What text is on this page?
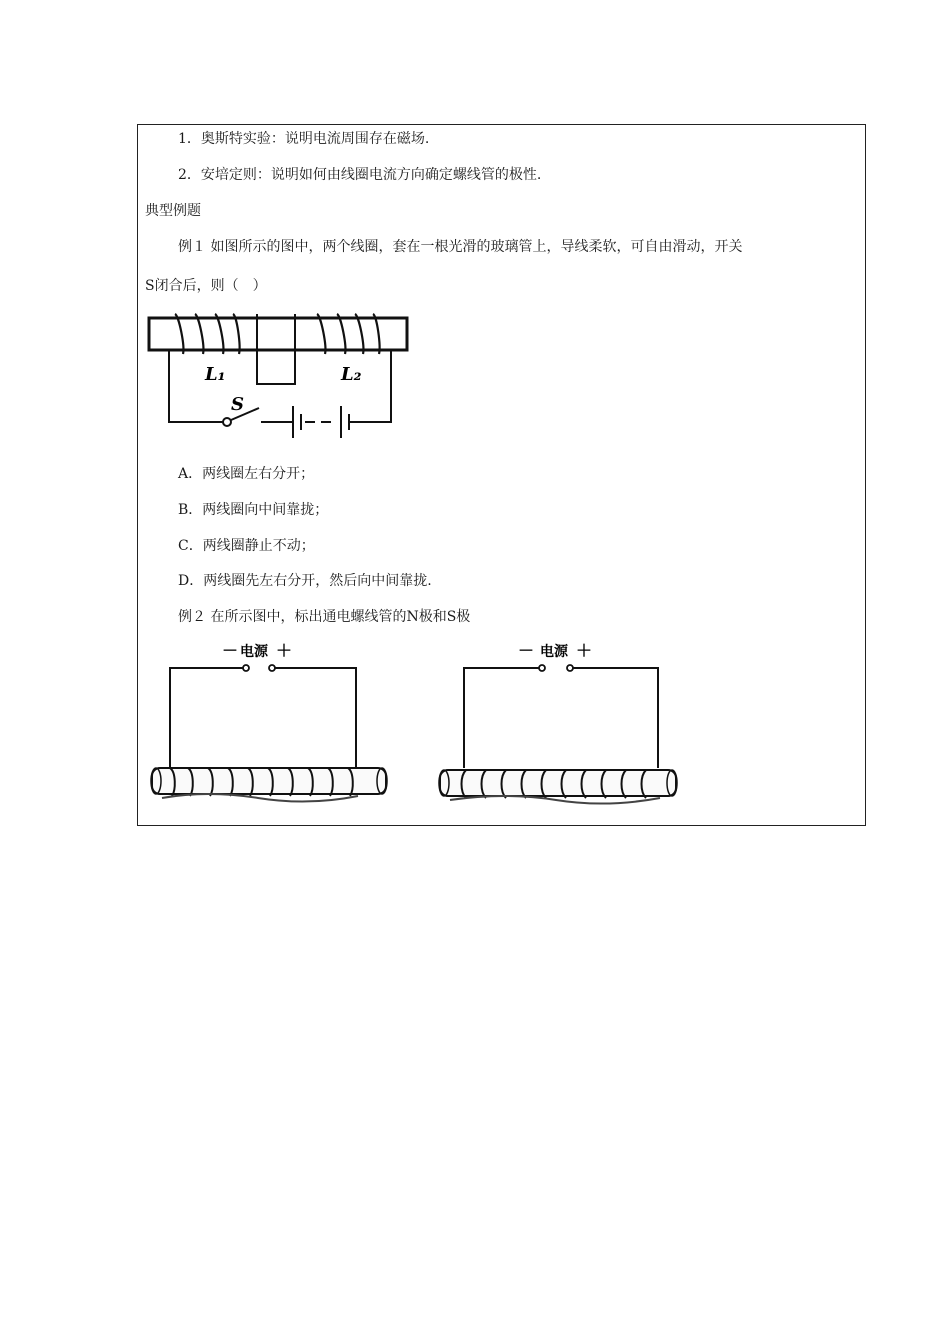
1．奥斯特实验：说明电流周围存在磁场.
2．安培定则：说明如何由线圈电流方向确定螺线管的极性.
典型例题
例１ 如图所示的图中，两个线圈，套在一根光滑的玻璃管上，导线柔软，可自由滑动，开关
S闭合后，则（　）
L₁	L₂
S
A．两线圈左右分开；
B．两线圈向中间靠拢；
C．两线圈静止不动；
D．两线圈先左右分开，然后向中间靠拢.
例２ 在所示图中，标出通电螺线管的N极和S极
－ 电源 ＋	－ 电源 ＋
